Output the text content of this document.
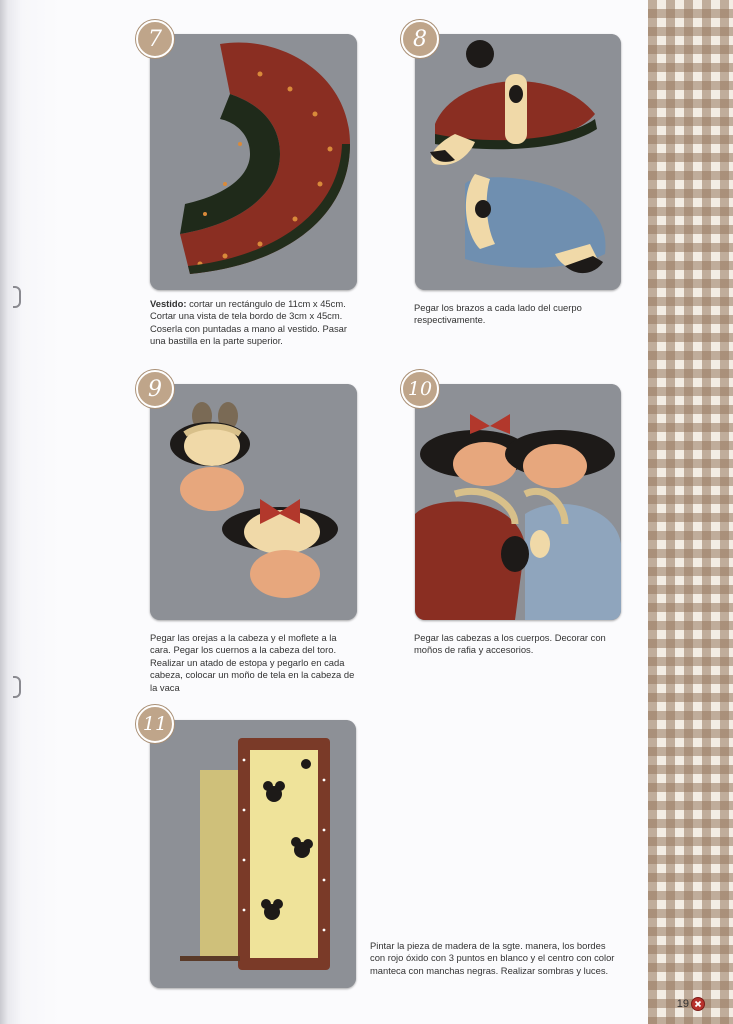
7
Vestido: cortar un rectángulo de 11cm x 45cm. Cortar una vista de tela bordo de 3cm x 45cm. Coserla con puntadas a mano al vestido. Pasar una bastilla en la parte superior.
8
Pegar los brazos a cada lado del cuerpo respectivamente.
9
Pegar las orejas a la cabeza y el moflete a la cara. Pegar los cuernos a la cabeza del toro. Realizar un atado de estopa y pegarlo en cada cabeza, colocar un moño de tela en la cabeza de la vaca
10
Pegar las cabezas a los cuerpos. Decorar con moños de rafia y accesorios.
11
Pintar la pieza de madera de la sgte. manera, los bordes con rojo óxido con 3 puntos en blanco y el centro con color manteca con manchas negras. Realizar sombras y luces.
19
